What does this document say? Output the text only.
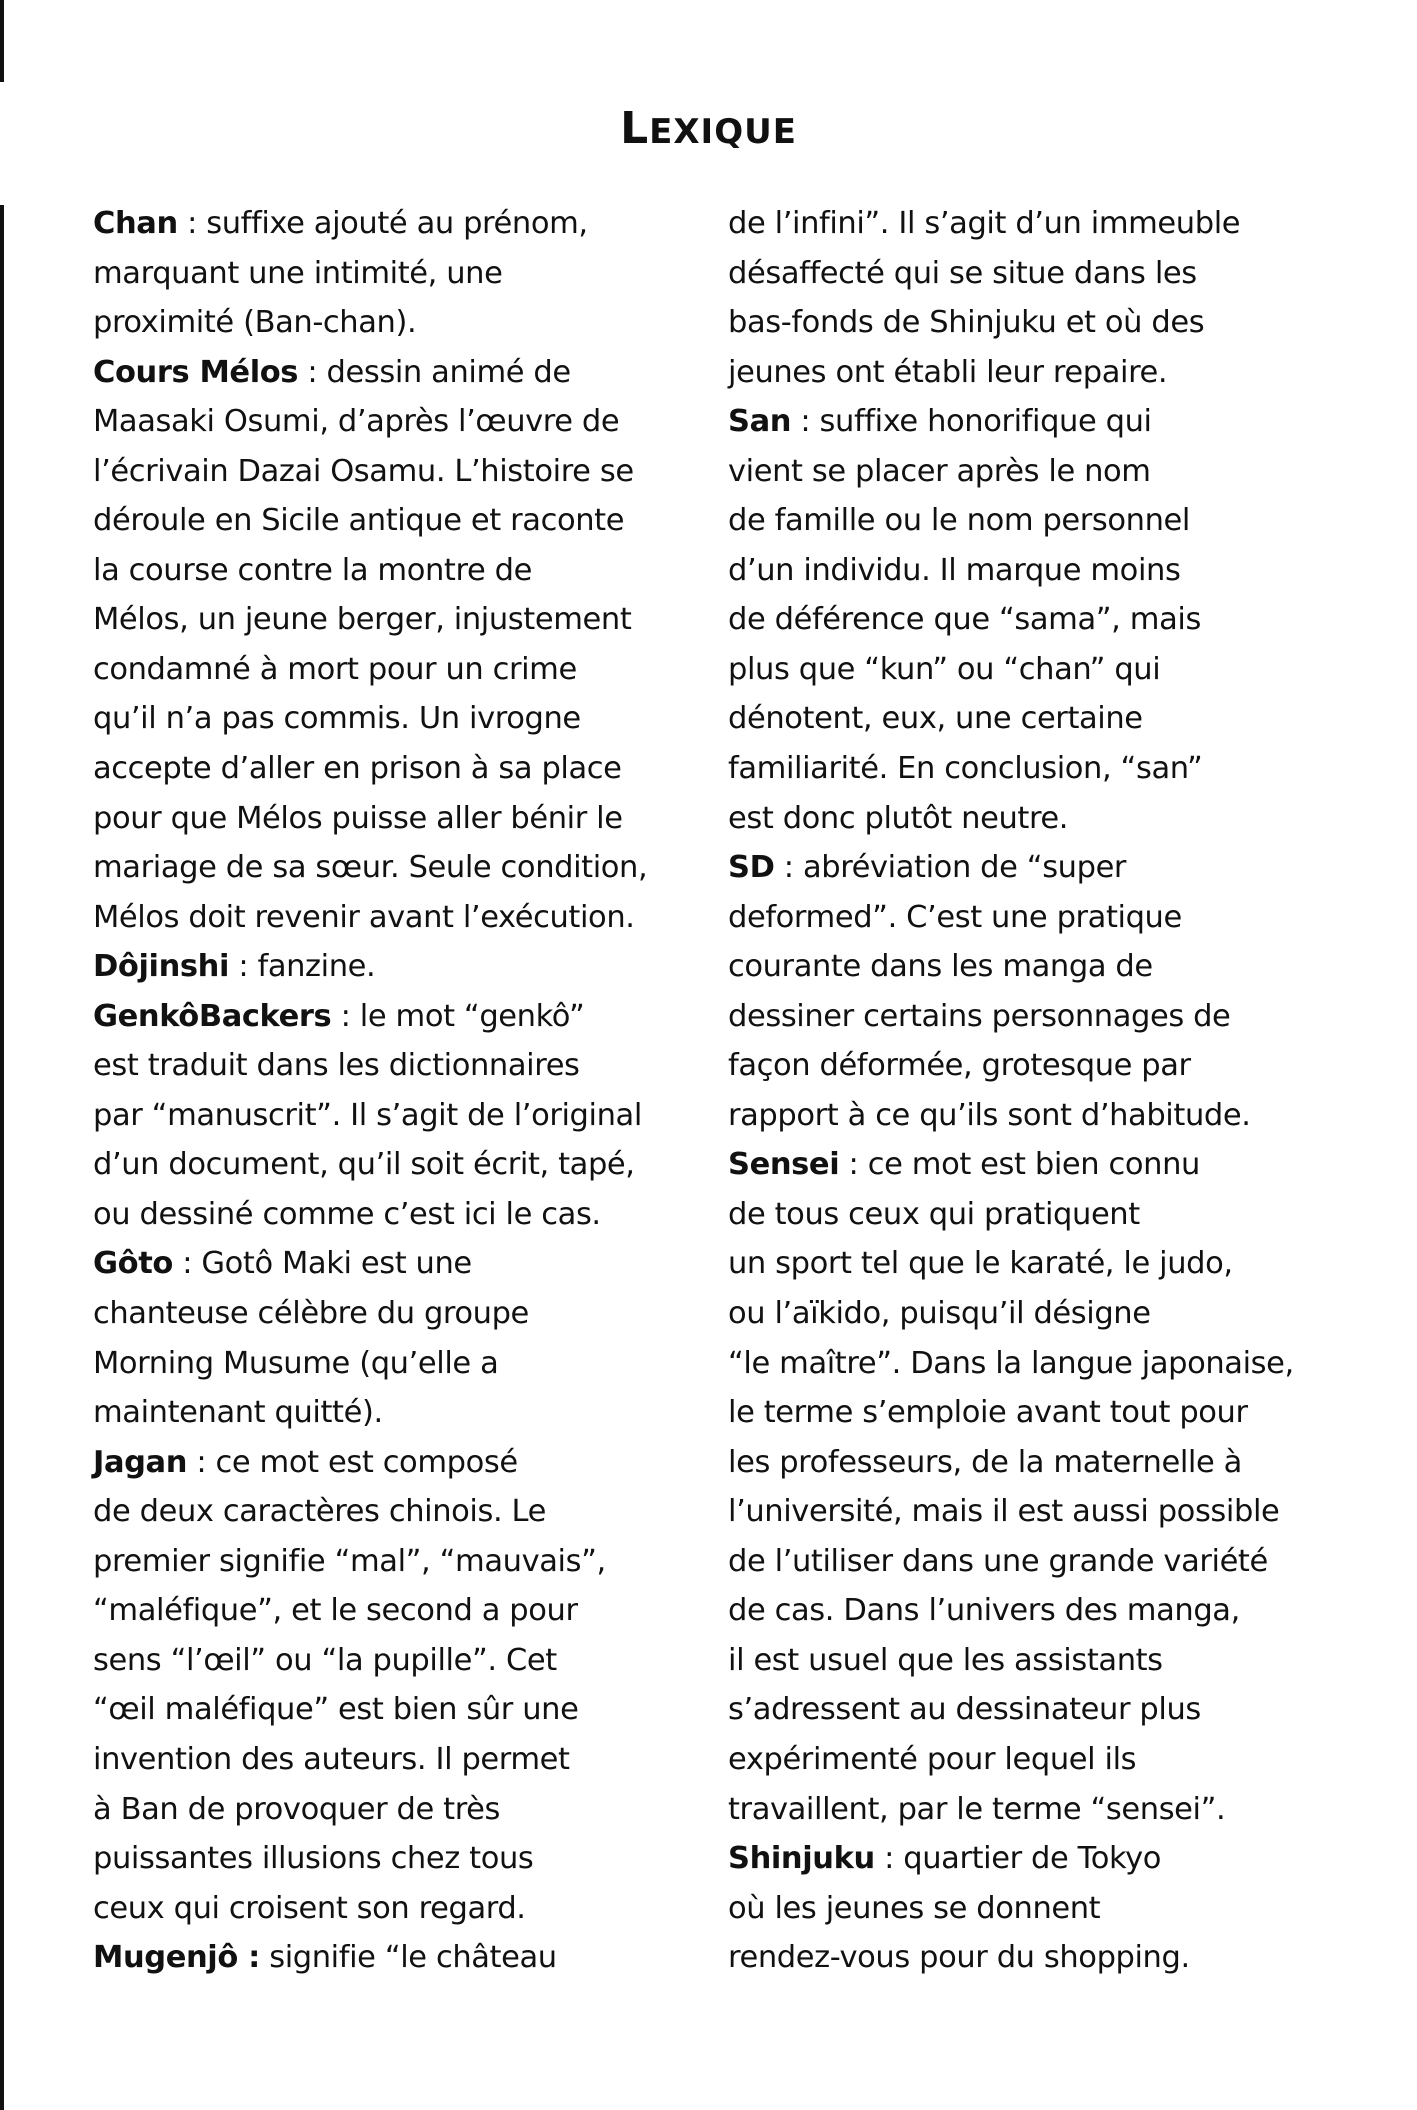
LEXIQUE
Chan : suffixe ajouté au prénom,
marquant une intimité, une
proximité (Ban-chan).
Cours Mélos : dessin animé de
Maasaki Osumi, d’après l’œuvre de
l’écrivain Dazai Osamu. L’histoire se
déroule en Sicile antique et raconte
la course contre la montre de
Mélos, un jeune berger, injustement
condamné à mort pour un crime
qu’il n’a pas commis. Un ivrogne
accepte d’aller en prison à sa place
pour que Mélos puisse aller bénir le
mariage de sa sœur. Seule condition,
Mélos doit revenir avant l’exécution.
Dôjinshi : fanzine.
GenkôBackers : le mot “genkô”
est traduit dans les dictionnaires
par “manuscrit”. Il s’agit de l’original
d’un document, qu’il soit écrit, tapé,
ou dessiné comme c’est ici le cas.
Gôto : Gotô Maki est une
chanteuse célèbre du groupe
Morning Musume (qu’elle a
maintenant quitté).
Jagan : ce mot est composé
de deux caractères chinois. Le
premier signifie “mal”, “mauvais”,
“maléfique”, et le second a pour
sens “l’œil” ou “la pupille”. Cet
“œil maléfique” est bien sûr une
invention des auteurs. Il permet
à Ban de provoquer de très
puissantes illusions chez tous
ceux qui croisent son regard.
Mugenjô : signifie “le château
de l’infini”. Il s’agit d’un immeuble
désaffecté qui se situe dans les
bas-fonds de Shinjuku et où des
jeunes ont établi leur repaire.
San : suffixe honorifique qui
vient se placer après le nom
de famille ou le nom personnel
d’un individu. Il marque moins
de déférence que “sama”, mais
plus que “kun” ou “chan” qui
dénotent, eux, une certaine
familiarité. En conclusion, “san”
est donc plutôt neutre.
SD : abréviation de “super
deformed”. C’est une pratique
courante dans les manga de
dessiner certains personnages de
façon déformée, grotesque par
rapport à ce qu’ils sont d’habitude.
Sensei : ce mot est bien connu
de tous ceux qui pratiquent
un sport tel que le karaté, le judo,
ou l’aïkido, puisqu’il désigne
“le maître”. Dans la langue japonaise,
le terme s’emploie avant tout pour
les professeurs, de la maternelle à
l’université, mais il est aussi possible
de l’utiliser dans une grande variété
de cas. Dans l’univers des manga,
il est usuel que les assistants
s’adressent au dessinateur plus
expérimenté pour lequel ils
travaillent, par le terme “sensei”.
Shinjuku : quartier de Tokyo
où les jeunes se donnent
rendez-vous pour du shopping.
